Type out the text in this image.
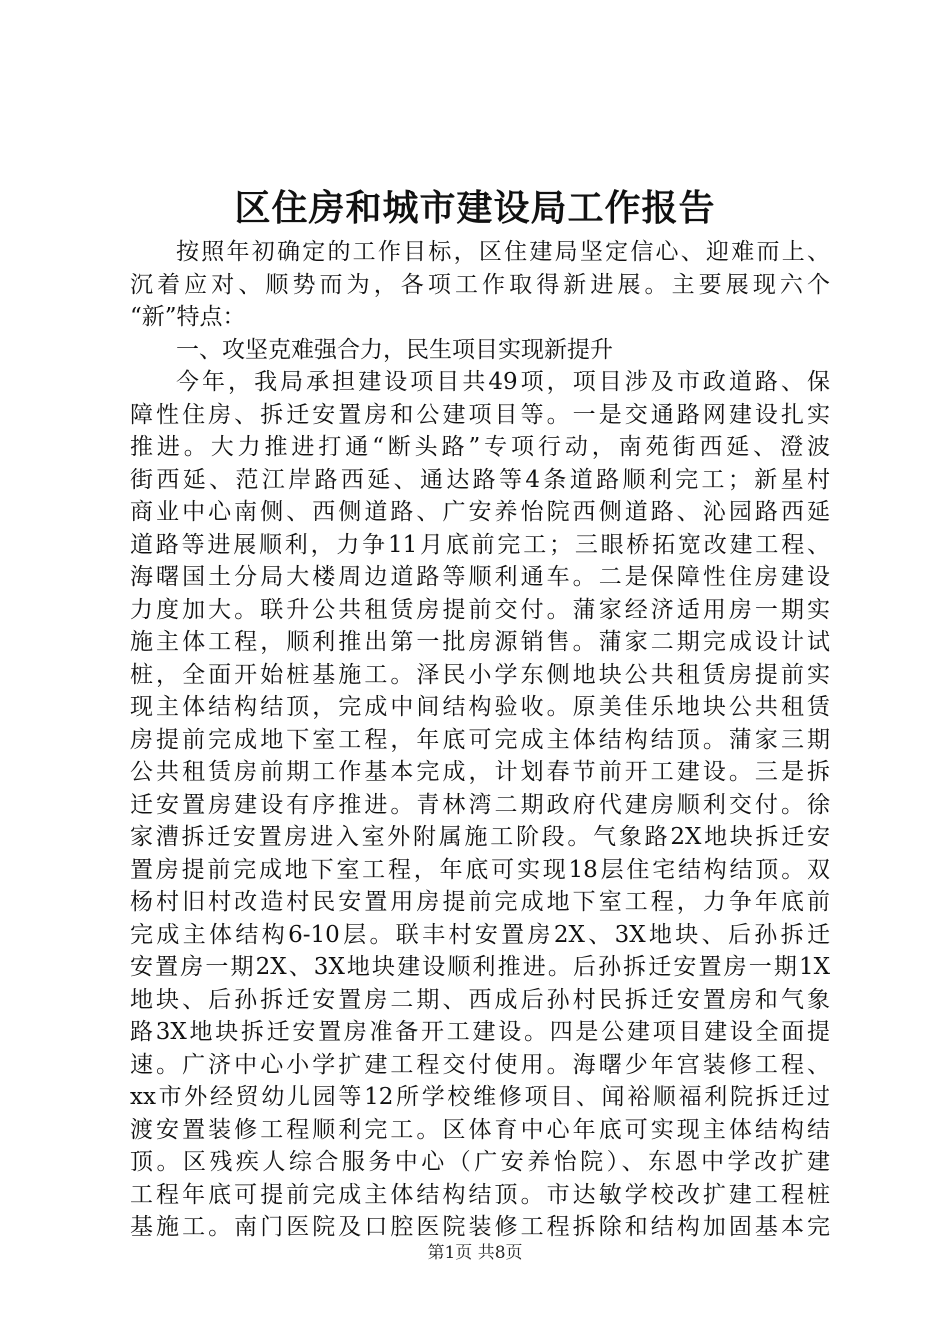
区住房和城市建设局工作报告
按照年初确定的工作目标，区住建局坚定信心、迎难而上、
沉着应对、顺势而为，各项工作取得新进展。主要展现六个
“新”特点：
一、攻坚克难强合力，民生项目实现新提升
今年，我局承担建设项目共49项，项目涉及市政道路、保
障性住房、拆迁安置房和公建项目等。一是交通路网建设扎实
推进。大力推进打通“断头路”专项行动，南苑街西延、澄波
街西延、范江岸路西延、通达路等4条道路顺利完工；新星村
商业中心南侧、西侧道路、广安养怡院西侧道路、沁园路西延
道路等进展顺利，力争11月底前完工；三眼桥拓宽改建工程、
海曙国土分局大楼周边道路等顺利通车。二是保障性住房建设
力度加大。联升公共租赁房提前交付。蒲家经济适用房一期实
施主体工程，顺利推出第一批房源销售。蒲家二期完成设计试
桩，全面开始桩基施工。泽民小学东侧地块公共租赁房提前实
现主体结构结顶，完成中间结构验收。原美佳乐地块公共租赁
房提前完成地下室工程，年底可完成主体结构结顶。蒲家三期
公共租赁房前期工作基本完成，计划春节前开工建设。三是拆
迁安置房建设有序推进。青林湾二期政府代建房顺利交付。徐
家漕拆迁安置房进入室外附属施工阶段。气象路2X地块拆迁安
置房提前完成地下室工程，年底可实现18层住宅结构结顶。双
杨村旧村改造村民安置用房提前完成地下室工程，力争年底前
完成主体结构6-10层。联丰村安置房2X、3X地块、后孙拆迁
安置房一期2X、3X地块建设顺利推进。后孙拆迁安置房一期1X
地块、后孙拆迁安置房二期、西成后孙村民拆迁安置房和气象
路3X地块拆迁安置房准备开工建设。四是公建项目建设全面提
速。广济中心小学扩建工程交付使用。海曙少年宫装修工程、
xx市外经贸幼儿园等12所学校维修项目、闻裕顺福利院拆迁过
渡安置装修工程顺利完工。区体育中心年底可实现主体结构结
顶。区残疾人综合服务中心（广安养怡院）、东恩中学改扩建
工程年底可提前完成主体结构结顶。市达敏学校改扩建工程桩
基施工。南门医院及口腔医院装修工程拆除和结构加固基本完
第1页 共8页
